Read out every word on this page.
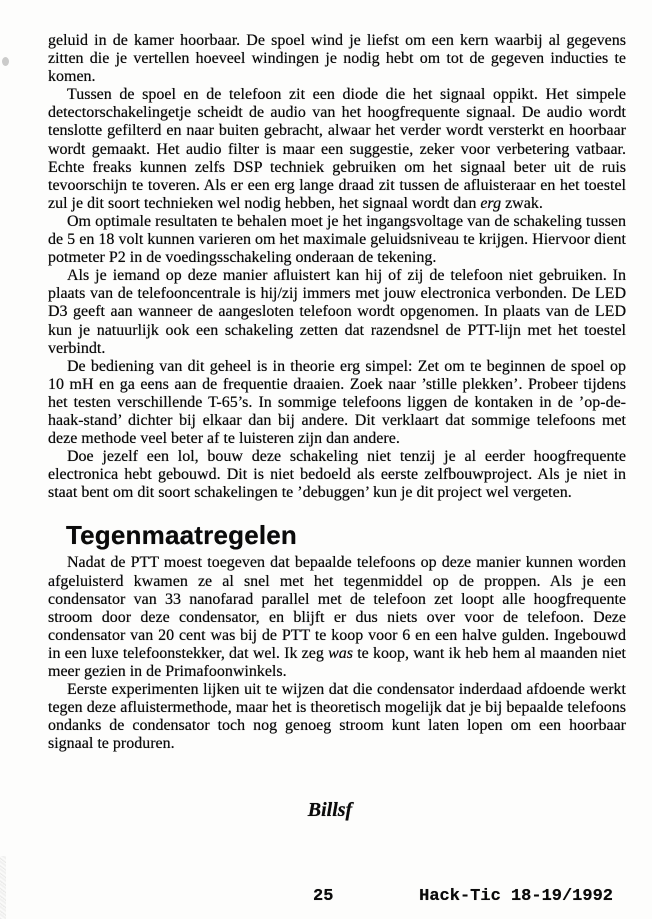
geluid in de kamer hoorbaar. De spoel wind je liefst om een kern waarbij al gegevens zitten die je vertellen hoeveel windingen je nodig hebt om tot de gegeven inducties te komen.

Tussen de spoel en de telefoon zit een diode die het signaal oppikt. Het simpele detectorschakelingetje scheidt de audio van het hoogfrequente signaal. De audio wordt tenslotte gefilterd en naar buiten gebracht, alwaar het verder wordt versterkt en hoorbaar wordt gemaakt. Het audio filter is maar een suggestie, zeker voor verbetering vatbaar. Echte freaks kunnen zelfs DSP techniek gebruiken om het signaal beter uit de ruis tevoorschijn te toveren. Als er een erg lange draad zit tussen de afluisteraar en het toestel zul je dit soort technieken wel nodig hebben, het signaal wordt dan erg zwak.

Om optimale resultaten te behalen moet je het ingangsvoltage van de schakeling tussen de 5 en 18 volt kunnen varieren om het maximale geluidsniveau te krijgen. Hiervoor dient potmeter P2 in de voedingsschakeling onderaan de tekening.

Als je iemand op deze manier afluistert kan hij of zij de telefoon niet gebruiken. In plaats van de telefooncentrale is hij/zij immers met jouw electronica verbonden. De LED D3 geeft aan wanneer de aangesloten telefoon wordt opgenomen. In plaats van de LED kun je natuurlijk ook een schakeling zetten dat razendsnel de PTT-lijn met het toestel verbindt.

De bediening van dit geheel is in theorie erg simpel: Zet om te beginnen de spoel op 10 mH en ga eens aan de frequentie draaien. Zoek naar ’stille plekken’. Probeer tijdens het testen verschillende T-65’s. In sommige telefoons liggen de kontaken in de ’op-de-haak-stand’ dichter bij elkaar dan bij andere. Dit verklaart dat sommige telefoons met deze methode veel beter af te luisteren zijn dan andere.

Doe jezelf een lol, bouw deze schakeling niet tenzij je al eerder hoogfrequente electronica hebt gebouwd. Dit is niet bedoeld als eerste zelfbouwproject. Als je niet in staat bent om dit soort schakelingen te ’debuggen’ kun je dit project wel vergeten.

Tegenmaatregelen

Nadat de PTT moest toegeven dat bepaalde telefoons op deze manier kunnen worden afgeluisterd kwamen ze al snel met het tegenmiddel op de proppen. Als je een condensator van 33 nanofarad parallel met de telefoon zet loopt alle hoogfrequente stroom door deze condensator, en blijft er dus niets over voor de telefoon. Deze condensator van 20 cent was bij de PTT te koop voor 6 en een halve gulden. Ingebouwd in een luxe telefoonstekker, dat wel. Ik zeg was te koop, want ik heb hem al maanden niet meer gezien in de Primafoonwinkels.

Eerste experimenten lijken uit te wijzen dat die condensator inderdaad afdoende werkt tegen deze afluistermethode, maar het is theoretisch mogelijk dat je bij bepaalde telefoons ondanks de condensator toch nog genoeg stroom kunt laten lopen om een hoorbaar signaal te produren.

Billsf
25	Hack-Tic 18-19/1992
